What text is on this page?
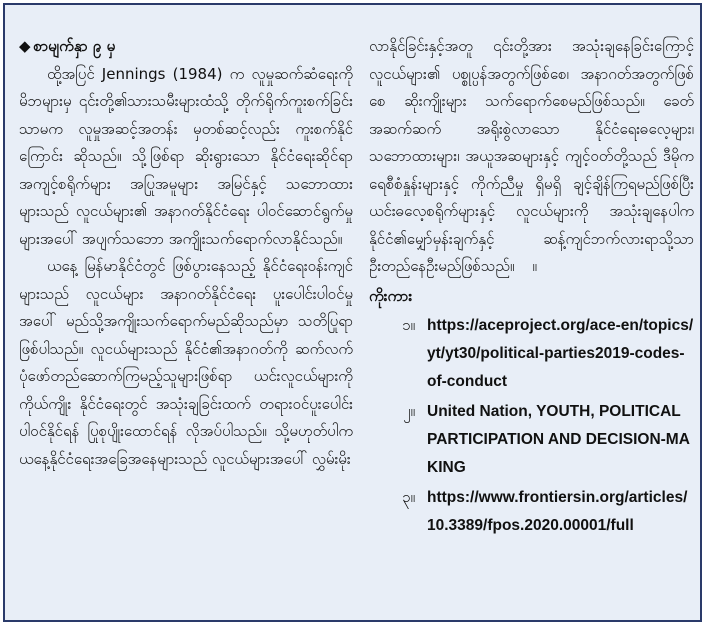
◆ စာမျက်နှာ ၉ မှ

ထို့အပြင် Jennings (1984) က လူမှုဆက်ဆံရေးကို မိဘများမှ ၎င်းတို့၏သားသမီးများထံသို့ တိုက်ရိုက်ကူးစက်ခြင်းသာမက လူမှုအဆင့်အတန်း မှတစ်ဆင့်လည်း ကူးစက်နိုင်ကြောင်း ဆိုသည်။ သို့ဖြစ်ရာ ဆိုးရွားသော နိုင်ငံရေးဆိုင်ရာအကျင့်စရိုက်များ အပြုအမူများ အမြင်နှင့် သဘောထားများသည် လူငယ်များ၏ အနာဂတ်နိုင်ငံရေး ပါဝင်ဆောင်ရွက်မှုများအပေါ် အပျက်သဘော အကျိုးသက်ရောက်လာနိုင်သည်။

ယနေ့ မြန်မာနိုင်ငံတွင် ဖြစ်ပွားနေသည့် နိုင်ငံရေးဝန်းကျင်များသည် လူငယ်များ အနာဂတ်နိုင်ငံရေး ပူးပေါင်းပါဝင်မှုအပေါ် မည်သို့အကျိုးသက်ရောက်မည်ဆိုသည်မှာ သတိပြုရာဖြစ်ပါသည်။ လူငယ်များသည် နိုင်ငံ၏အနာဂတ်ကို ဆက်လက်ပုံဖော်တည်ဆောက်ကြမည့်သူများဖြစ်ရာ ယင်းလူငယ်များကို ကိုယ်ကျိုး နိုင်ငံရေးတွင် အသုံးချခြင်းထက် တရားဝင်ပူးပေါင်းပါဝင်နိုင်ရန် ပြုစုပျိုးထောင်ရန် လိုအပ်ပါသည်။ သို့မဟုတ်ပါက ယနေ့နိုင်ငံရေးအခြေအနေများသည် လူငယ်များအပေါ် လွှမ်းမိုး

လာနိုင်ခြင်းနှင့်အတူ ၎င်းတို့အား အသုံးချနေခြင်းကြောင့် လူငယ်များ၏ ပစ္စုပ္ပန်အတွက်ဖြစ်စေ၊ အနာဂတ်အတွက်ဖြစ်စေ ဆိုးကျိုးများ သက်ရောက်စေမည်ဖြစ်သည်။ ခေတ်အဆက်ဆက် အရိုးစွဲလာသော နိုင်ငံရေးဓလေ့များ၊ သဘောထားများ၊ အယူအဆများနှင့် ကျင့်ဝတ်တို့သည် ဒီမိုကရေစီစံနှုန်းများနှင့် ကိုက်ညီမှု ရှိမရှိ ချင့်ချိန်ကြရမည်ဖြစ်ပြီး ယင်းဓလေ့စရိုက်များနှင့် လူငယ်များကို အသုံးချနေပါက နိုင်ငံ၏မျှော်မှန်းချက်နှင့် ဆန့်ကျင်ဘက်လားရာသို့သာ ဦးတည်နေဦးမည်ဖြစ်သည်။ ။

ကိုးကား

၁။ https://aceproject.org/ace-en/topics/yt/yt30/political-parties2019-codes-of-conduct
၂။ United Nation, YOUTH, POLITICAL PARTICIPATION AND DECISION-MAKING
၃။ https://www.frontiersin.org/articles/10.3389/fpos.2020.00001/full
